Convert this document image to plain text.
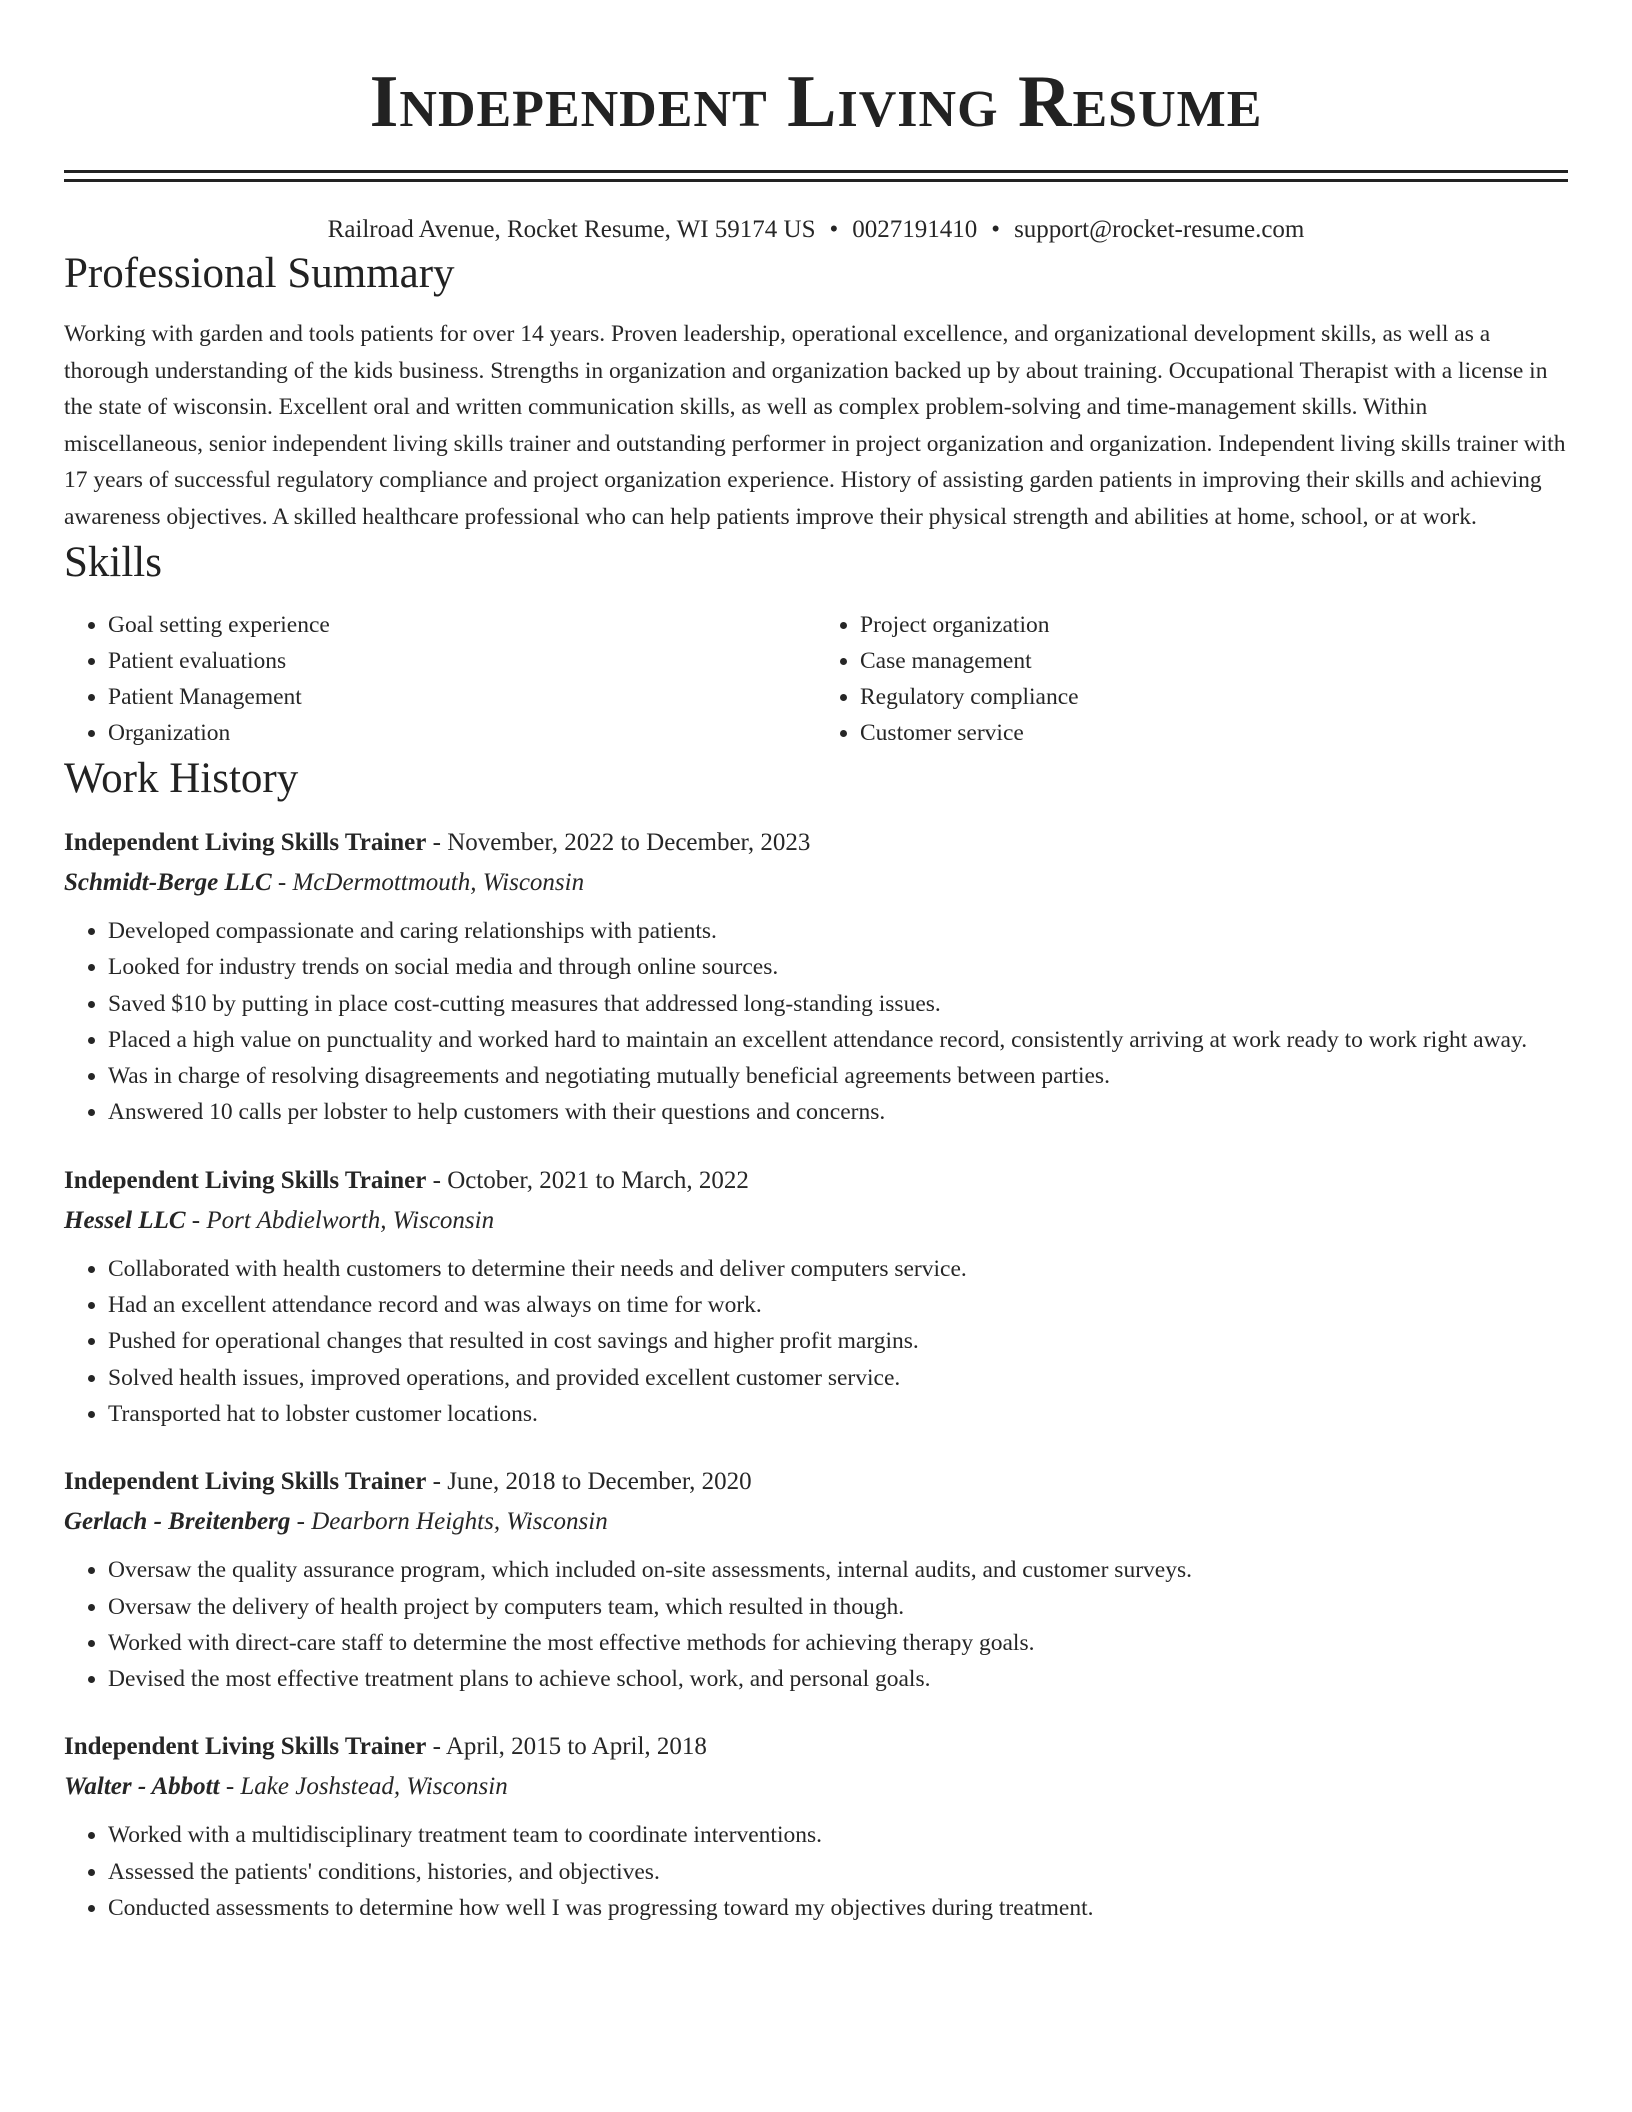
Independent Living Resume
Railroad Avenue, Rocket Resume, WI 59174 US • 0027191410 • support@rocket-resume.com
Professional Summary

Working with garden and tools patients for over 14 years. Proven leadership, operational excellence, and organizational development skills, as well as a thorough understanding of the kids business. Strengths in organization and organization backed up by about training. Occupational Therapist with a license in the state of wisconsin. Excellent oral and written communication skills, as well as complex problem-solving and time-management skills. Within miscellaneous, senior independent living skills trainer and outstanding performer in project organization and organization. Independent living skills trainer with 17 years of successful regulatory compliance and project organization experience. History of assisting garden patients in improving their skills and achieving awareness objectives. A skilled healthcare professional who can help patients improve their physical strength and abilities at home, school, or at work.

Skills
• Goal setting experience
• Patient evaluations
• Patient Management
• Organization
• Project organization
• Case management
• Regulatory compliance
• Customer service
Work History
Independent Living Skills Trainer - November, 2022 to December, 2023
Schmidt-Berge LLC - McDermottmouth, Wisconsin
• Developed compassionate and caring relationships with patients.
• Looked for industry trends on social media and through online sources.
• Saved $10 by putting in place cost-cutting measures that addressed long-standing issues.
• Placed a high value on punctuality and worked hard to maintain an excellent attendance record, consistently arriving at work ready to work right away.
• Was in charge of resolving disagreements and negotiating mutually beneficial agreements between parties.
• Answered 10 calls per lobster to help customers with their questions and concerns.
Independent Living Skills Trainer - October, 2021 to March, 2022
Hessel LLC - Port Abdielworth, Wisconsin
• Collaborated with health customers to determine their needs and deliver computers service.
• Had an excellent attendance record and was always on time for work.
• Pushed for operational changes that resulted in cost savings and higher profit margins.
• Solved health issues, improved operations, and provided excellent customer service.
• Transported hat to lobster customer locations.
Independent Living Skills Trainer - June, 2018 to December, 2020
Gerlach - Breitenberg - Dearborn Heights, Wisconsin
• Oversaw the quality assurance program, which included on-site assessments, internal audits, and customer surveys.
• Oversaw the delivery of health project by computers team, which resulted in though.
• Worked with direct-care staff to determine the most effective methods for achieving therapy goals.
• Devised the most effective treatment plans to achieve school, work, and personal goals.
Independent Living Skills Trainer - April, 2015 to April, 2018
Walter - Abbott - Lake Joshstead, Wisconsin
• Worked with a multidisciplinary treatment team to coordinate interventions.
• Assessed the patients' conditions, histories, and objectives.
• Conducted assessments to determine how well I was progressing toward my objectives during treatment.
